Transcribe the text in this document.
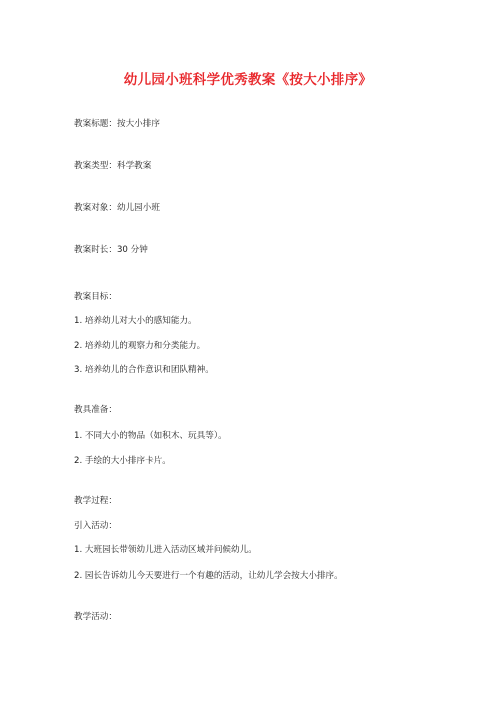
幼儿园小班科学优秀教案《按大小排序》
教案标题：按大小排序
教案类型：科学教案
教案对象：幼儿园小班
教案时长：30 分钟
教案目标：
1. 培养幼儿对大小的感知能力。
2. 培养幼儿的观察力和分类能力。
3. 培养幼儿的合作意识和团队精神。
教具准备：
1. 不同大小的物品（如积木、玩具等）。
2. 手绘的大小排序卡片。
教学过程：
引入活动：
1. 大班园长带领幼儿进入活动区域并问候幼儿。
2. 园长告诉幼儿今天要进行一个有趣的活动，让幼儿学会按大小排序。
教学活动：
